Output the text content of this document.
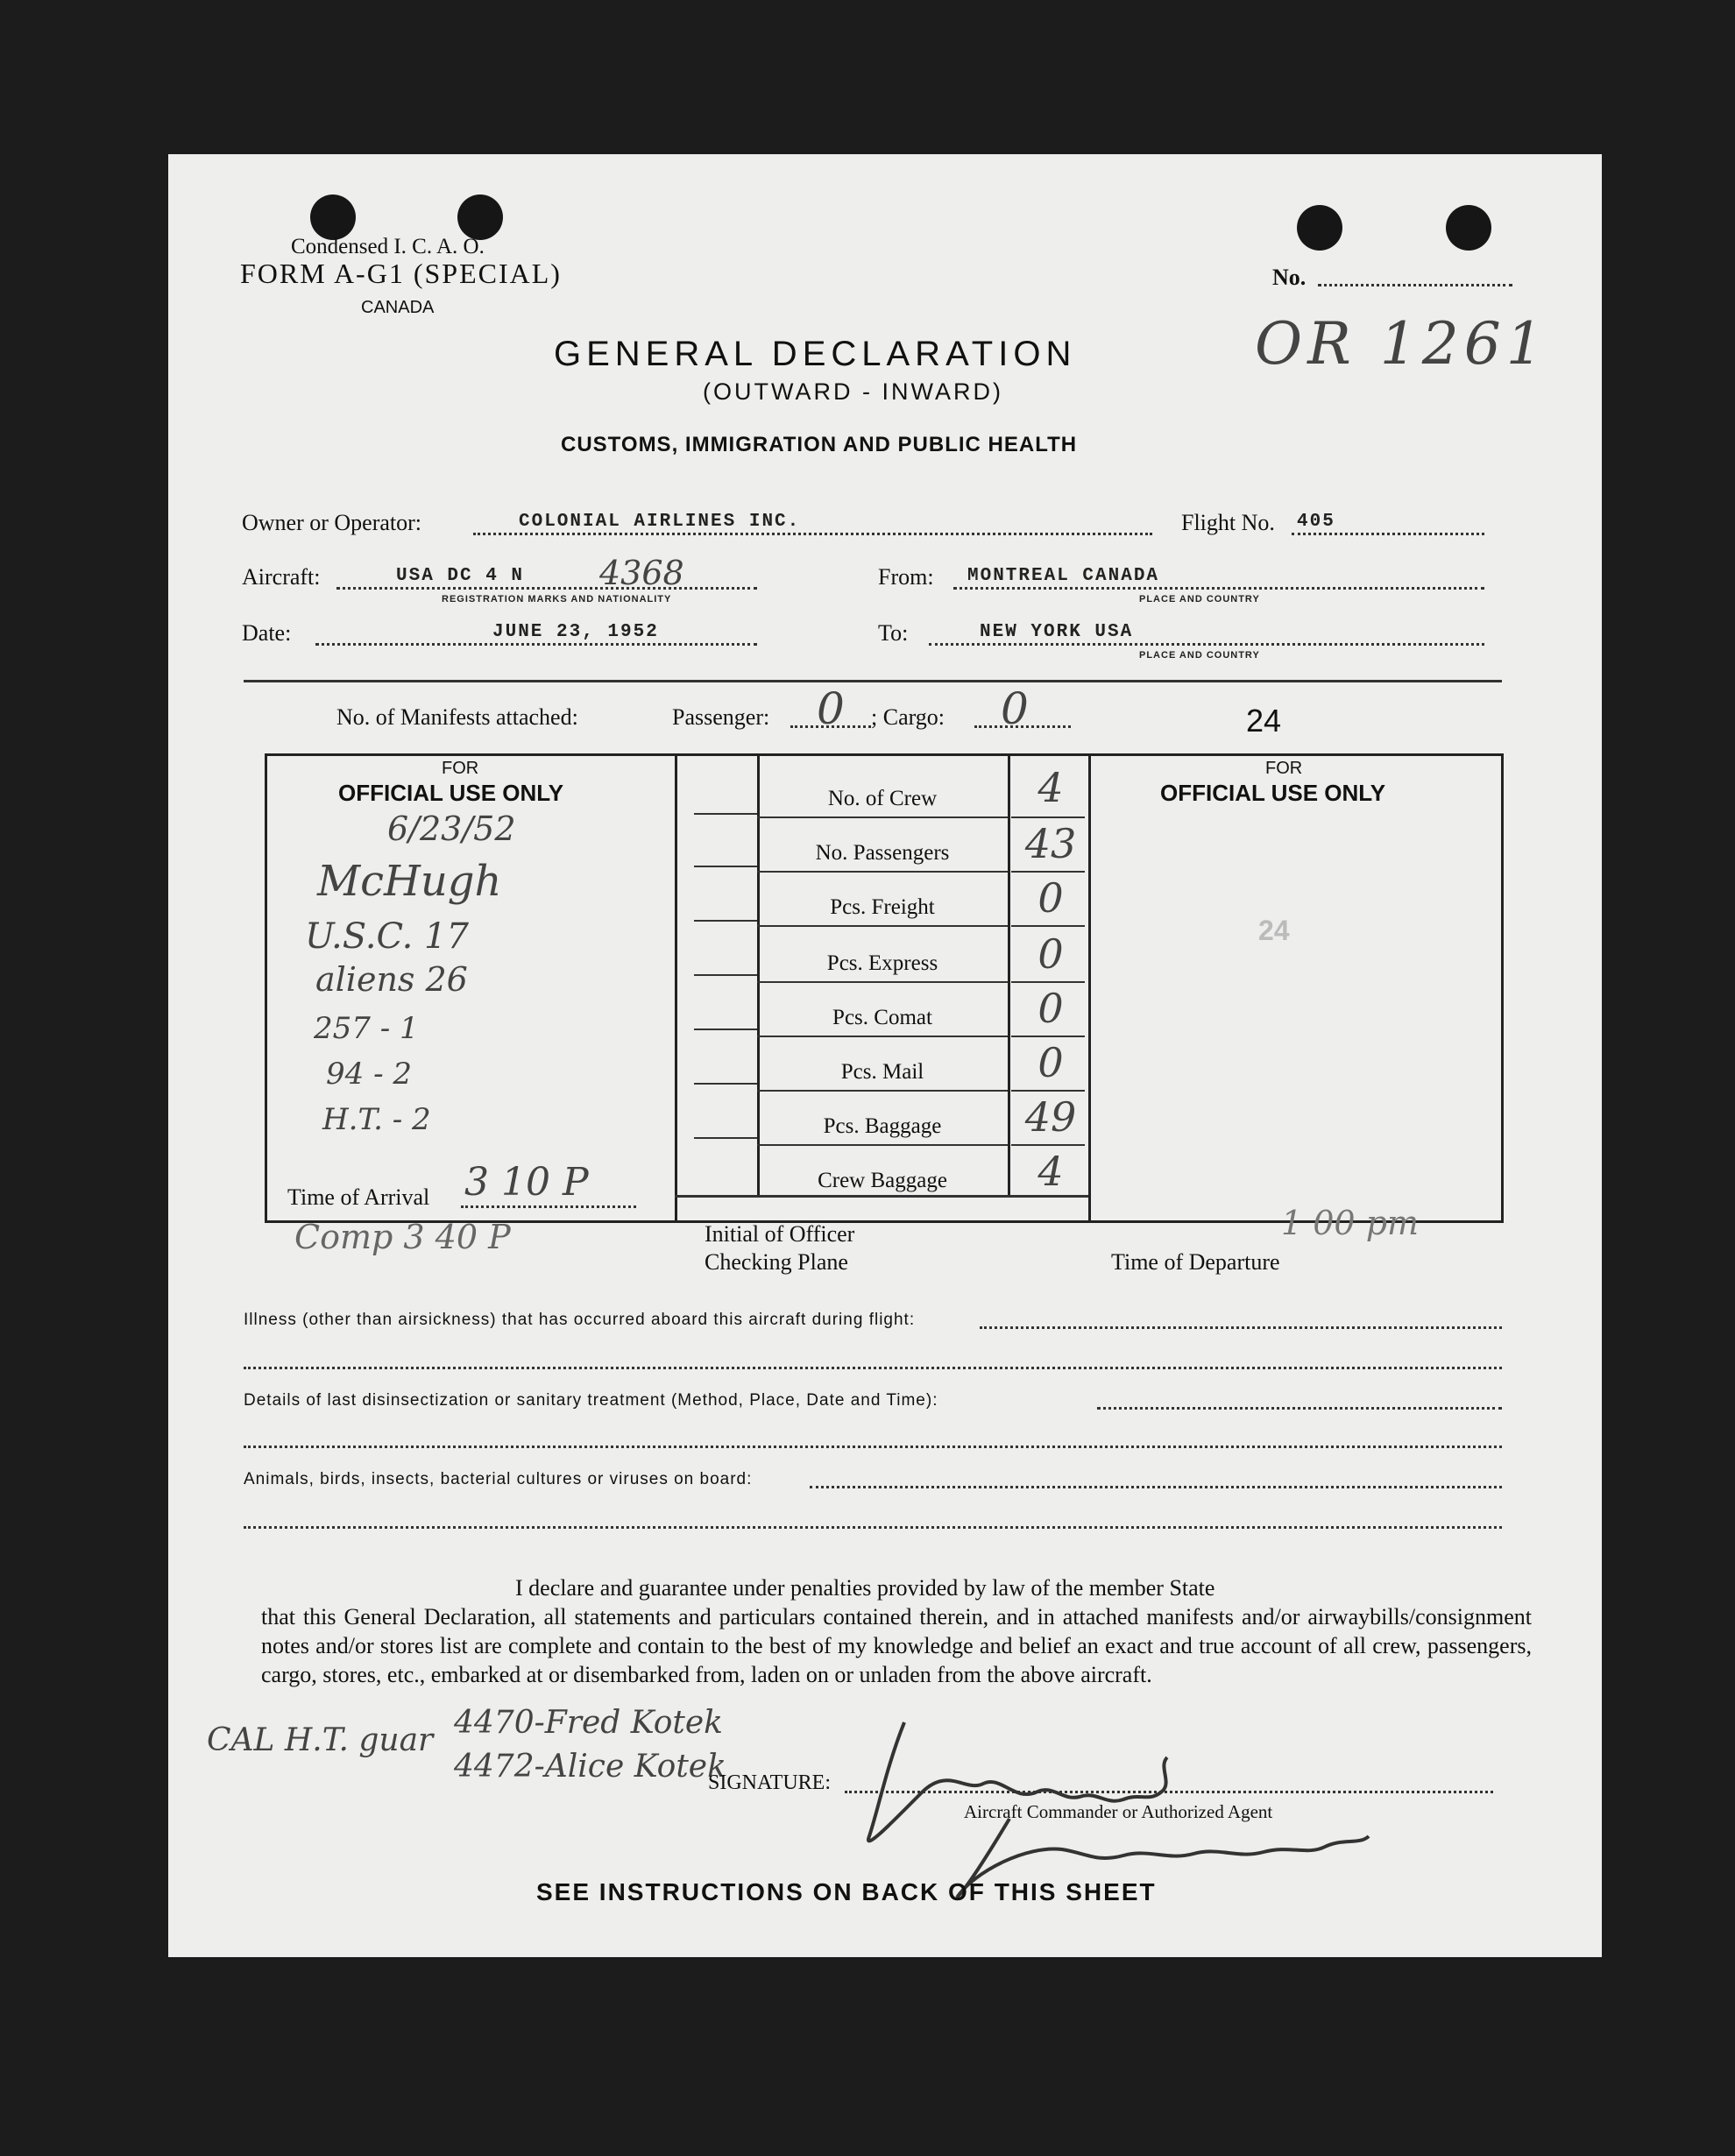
Condensed I. C. A. O.
FORM A-G1 (SPECIAL)
CANADA
No.
OR 1261
GENERAL DECLARATION
(OUTWARD - INWARD)
CUSTOMS, IMMIGRATION AND PUBLIC HEALTH
Owner or Operator:	COLONIAL AIRLINES INC.	Flight No. 405
Aircraft:	USA DC 4 N 4368
REGISTRATION MARKS AND NATIONALITY
From: MONTREAL CANADA
PLACE AND COUNTRY
Date:	JUNE 23, 1952	To:	NEW YORK USA
PLACE AND COUNTRY
No. of Manifests attached:	Passenger: 0 ; Cargo: 0	24
FOR
OFFICIAL USE ONLY
6/23/52
McHugh
U.S.C. 17
aliens 26
257 - 1
94 - 2
H.T. - 2
Time of Arrival 3 10 P
Comp 3 40 P
No. of Crew	4
No. Passengers	43
Pcs. Freight	0
Pcs. Express	0
Pcs. Comat	0
Pcs. Mail	0
Pcs. Baggage	49
Crew Baggage	4
Initial of Officer
Checking Plane
FOR
OFFICIAL USE ONLY
24
Time of Departure
1 00 pm
Illness (other than airsickness) that has occurred aboard this aircraft during flight:
Details of last disinsectization or sanitary treatment (Method, Place, Date and Time):
Animals, birds, insects, bacterial cultures or viruses on board:
I declare and guarantee under penalties provided by law of the member State
that this General Declaration, all statements and particulars contained therein, and in attached manifests and/or airwaybills/consignment notes and/or stores list are complete and contain to the best of my knowledge and belief an exact and true account of all crew, passengers, cargo, stores, etc., embarked at or disembarked from, laden on or unladen from the above aircraft.
CAL H.T. guar 4470-Fred Kotek
4472-Alice Kotek
SIGNATURE:
Aircraft Commander or Authorized Agent
SEE INSTRUCTIONS ON BACK OF THIS SHEET
